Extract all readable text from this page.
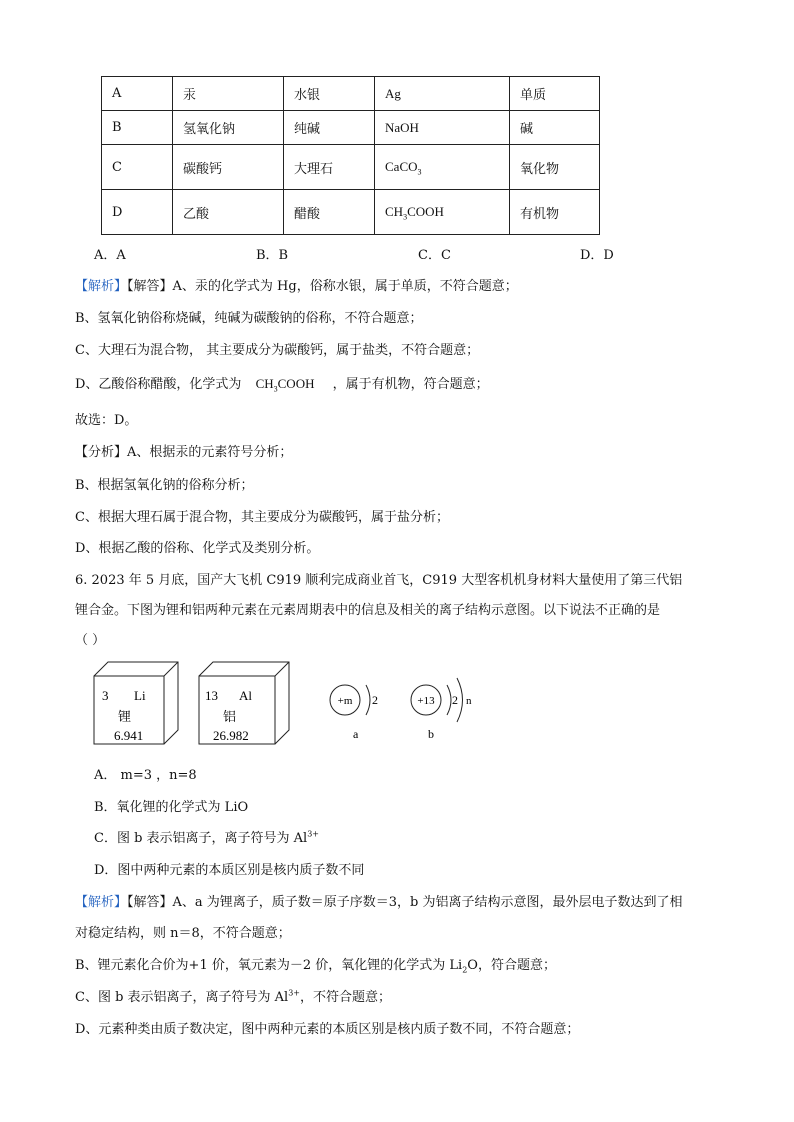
A	汞	水银	Ag	单质
B	氢氧化钠	纯碱	NaOH	碱
C	碳酸钙	大理石	CaCO$_3$	氧化物
D	乙酸	醋酸	$CH_3COOH$	有机物
A．A	B．B	C．C	D．D
【解析】【解答】A、汞的化学式为 Hg，俗称水银，属于单质，不符合题意；
B、氢氧化钠俗称烧碱，纯碱为碳酸钠的俗称，不符合题意；
C、大理石为混合物， 其主要成分为碳酸钙，属于盐类，不符合题意；
D、乙酸俗称醋酸，化学式为 $CH_3COOH$ ，属于有机物，符合题意；
故选：D。
【分析】A、根据汞的元素符号分析；
B、根据氢氧化钠的俗称分析；
C、根据大理石属于混合物，其主要成分为碳酸钙，属于盐分析；
D、根据乙酸的俗称、化学式及类别分析。
6. 2023 年 5 月底，国产大飞机 C919 顺利完成商业首飞，C919 大型客机机身材料大量使用了第三代铝
锂合金。下图为锂和铝两种元素在元素周期表中的信息及相关的离子结构示意图。以下说法不正确的是
（ ）
3 Li
锂
6.941
13 Al
铝
26.982
+m 2
a
+13 2 n
b
A． m=3 ，n=8
B．氧化锂的化学式为 LiO
C．图 b 表示铝离子，离子符号为 $Al^{3+}$
D．图中两种元素的本质区别是核内质子数不同
【解析】【解答】A、a 为锂离子，质子数＝原子序数＝3，b 为铝离子结构示意图，最外层电子数达到了相
对稳定结构，则 n＝8，不符合题意；
B、锂元素化合价为+1 价，氧元素为－2 价，氧化锂的化学式为 $Li_2O$，符合题意；
C、图 b 表示铝离子，离子符号为 $Al^{3+}$，不符合题意；
D、元素种类由质子数决定，图中两种元素的本质区别是核内质子数不同，不符合题意；
